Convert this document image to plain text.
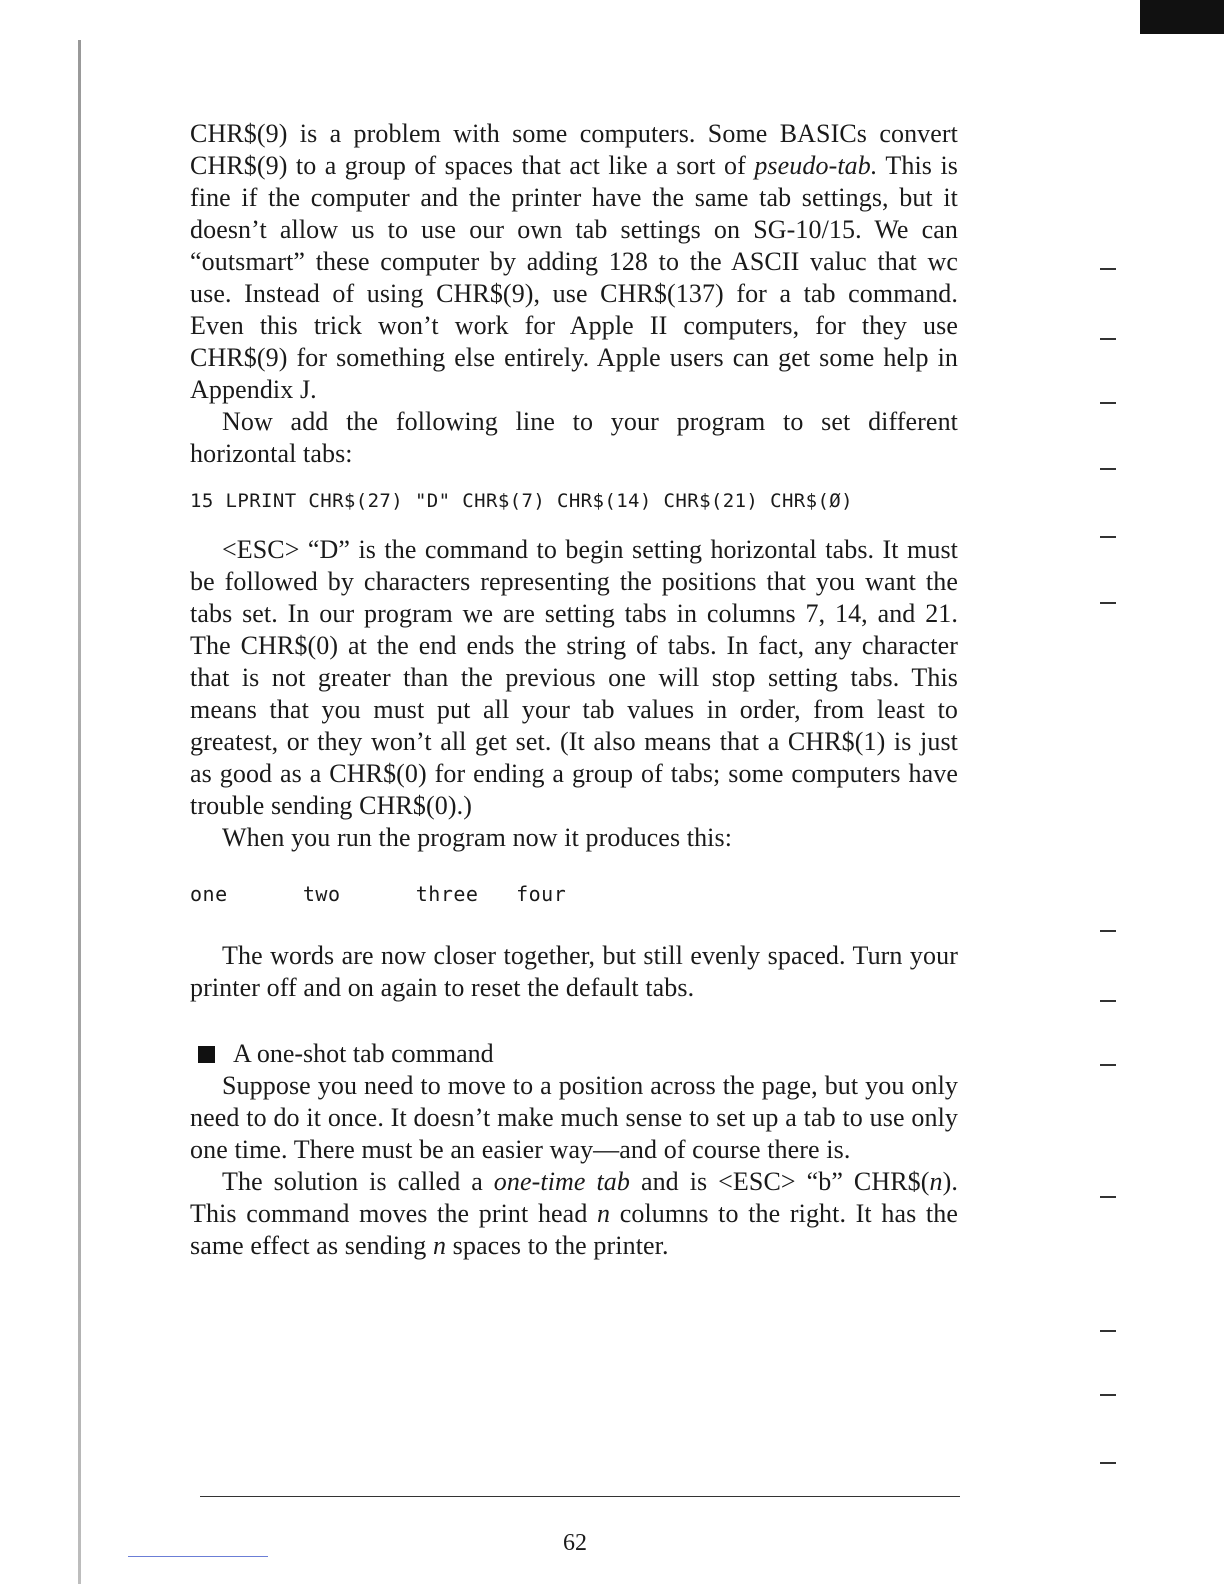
CHR$(9) is a problem with some computers. Some BASICs convert CHR$(9) to a group of spaces that act like a sort of pseudo-tab. This is fine if the computer and the printer have the same tab settings, but it doesn’t allow us to use our own tab settings on SG-10/15. We can “outsmart” these computer by adding 128 to the ASCII valuc that wc use. Instead of using CHR$(9), use CHR$(137) for a tab command. Even this trick won’t work for Apple II computers, for they use CHR$(9) for something else entirely. Apple users can get some help in Appendix J.

Now add the following line to your program to set different horizontal tabs:

15 LPRINT CHR$(27) "D" CHR$(7) CHR$(14) CHR$(21) CHR$(Ø)

<ESC> “D” is the command to begin setting horizontal tabs. It must be followed by characters representing the positions that you want the tabs set. In our program we are setting tabs in columns 7, 14, and 21. The CHR$(0) at the end ends the string of tabs. In fact, any character that is not greater than the previous one will stop setting tabs. This means that you must put all your tab values in order, from least to greatest, or they won’t all get set. (It also means that a CHR$(1) is just as good as a CHR$(0) for ending a group of tabs; some computers have trouble sending CHR$(0).)

When you run the program now it produces this:

one	two	three four

The words are now closer together, but still evenly spaced. Turn your printer off and on again to reset the default tabs.

A one-shot tab command

Suppose you need to move to a position across the page, but you only need to do it once. It doesn’t make much sense to set up a tab to use only one time. There must be an easier way—and of course there is.

The solution is called a one-time tab and is <ESC> “b” CHR$(n). This command moves the print head n columns to the right. It has the same effect as sending n spaces to the printer.

62
